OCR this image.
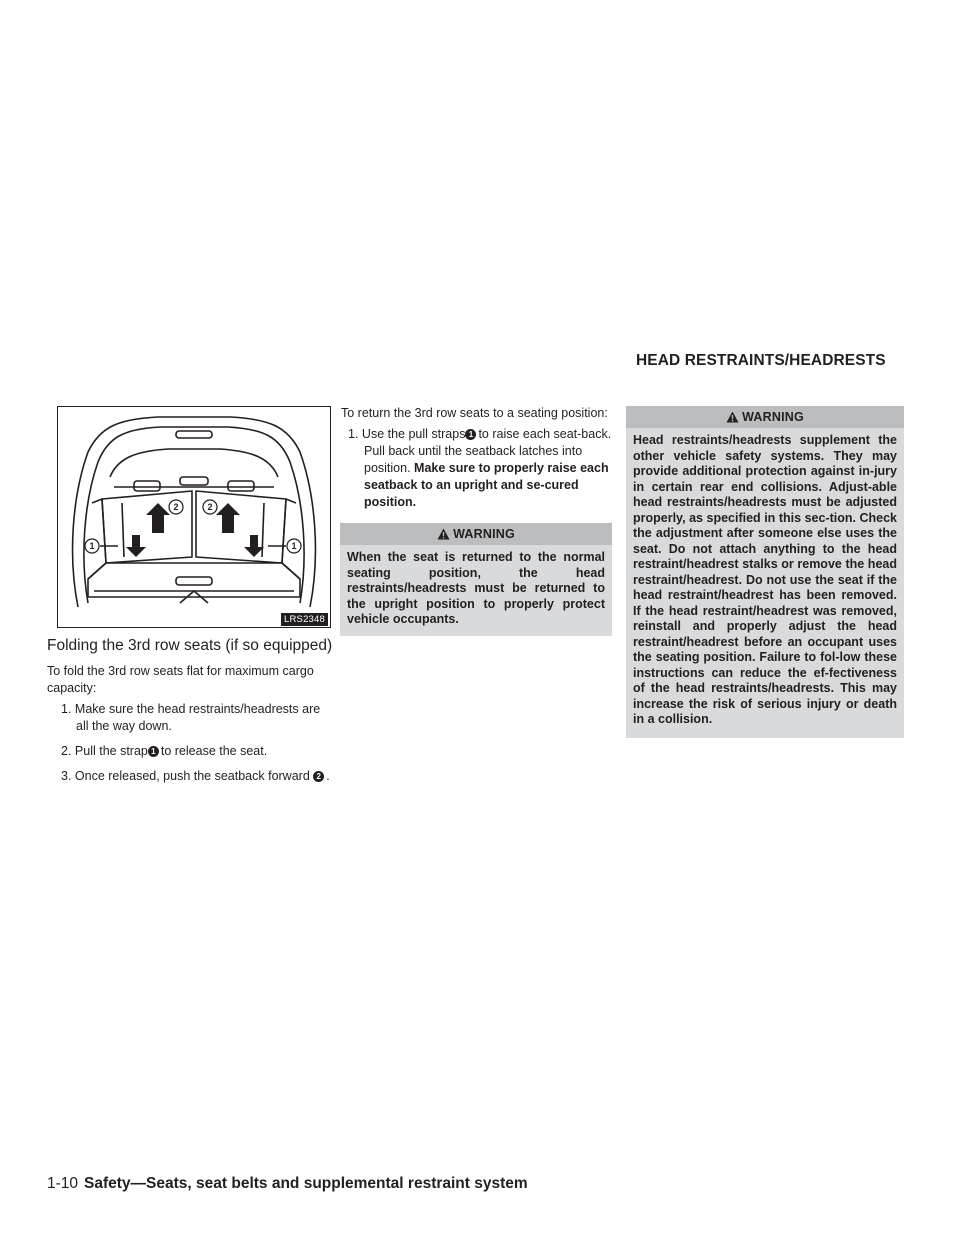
HEAD RESTRAINTS/HEADRESTS
1
2	2
1
LRS2348
Folding the 3rd row seats (if so equipped)

To fold the 3rd row seats flat for maximum cargo capacity:

1. Make sure the head restraints/headrests are all the way down.
2. Pull the strap 1 to release the seat.
3. Once released, push the seatback forward 2 .

To return the 3rd row seats to a seating position:

1. Use the pull straps 1 to raise each seat-back. Pull back until the seatback latches into position. Make sure to properly raise each seatback to an upright and se-cured position.
WARNING
When the seat is returned to the normal seating position, the head restraints/headrests must be returned to the upright position to properly protect vehicle occupants.
WARNING
Head restraints/headrests supplement the other vehicle safety systems. They may provide additional protection against in-jury in certain rear end collisions. Adjust-able head restraints/headrests must be adjusted properly, as specified in this sec-tion. Check the adjustment after someone else uses the seat. Do not attach anything to the head restraint/headrest stalks or remove the head restraint/headrest. Do not use the seat if the head restraint/headrest has been removed. If the head restraint/headrest was removed, reinstall and properly adjust the head restraint/headrest before an occupant uses the seating position. Failure to fol-low these instructions can reduce the ef-fectiveness of the head restraints/headrests. This may increase the risk of serious injury or death in a collision.
1-10 Safety—Seats, seat belts and supplemental restraint system
